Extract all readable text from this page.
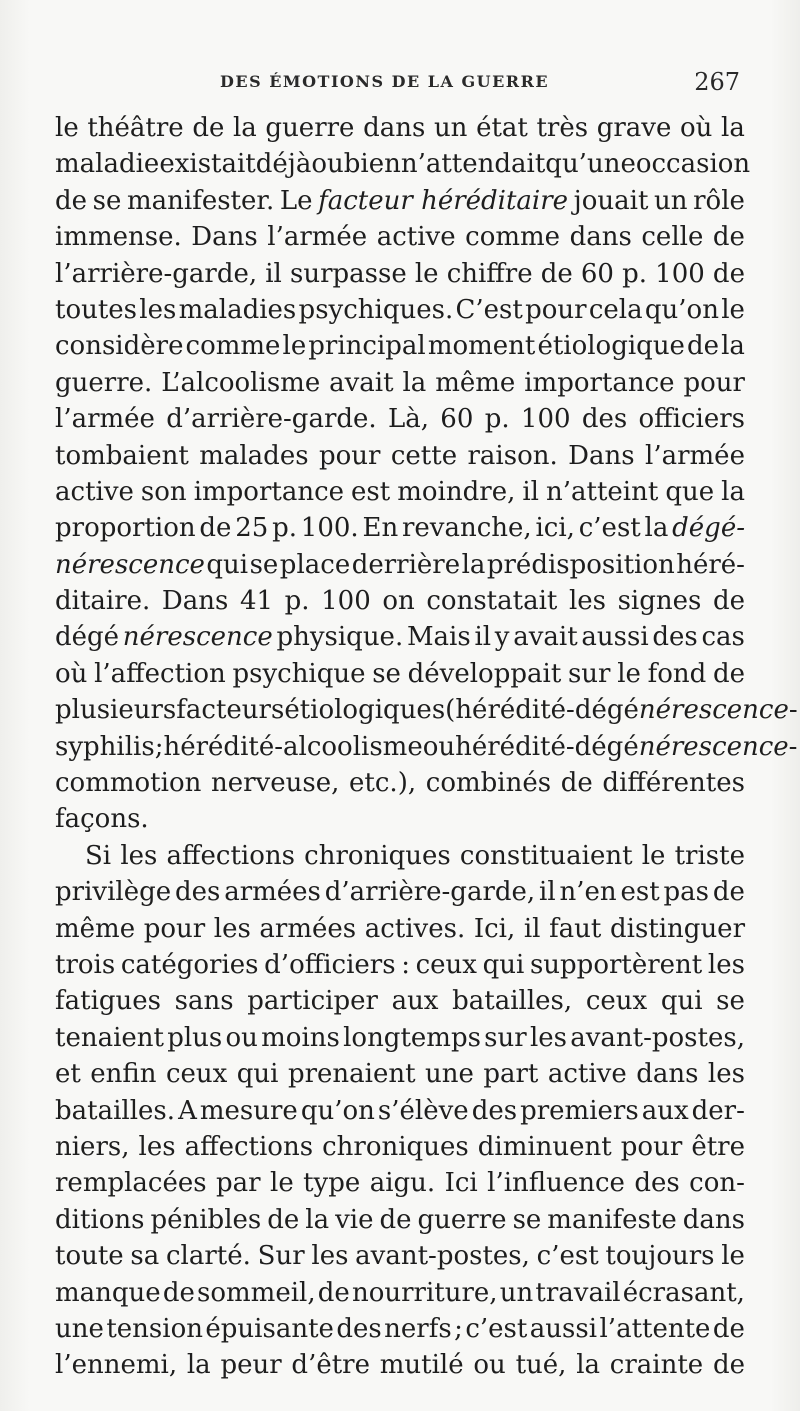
DES ÉMOTIONS DE LA GUERRE	267
le théâtre de la guerre dans un état très grave où la
maladie existait déjà ou bien n’attendait qu’une occasion
de se manifester. Le facteur héréditaire jouait un rôle
immense. Dans l’armée active comme dans celle de
l’arrière-garde, il surpasse le chiffre de 60 p. 100 de
toutes les maladies psychiques. C’est pour cela qu’on le
considère comme le principal moment étiologique de la
guerre. L’alcoolisme avait la même importance pour
l’armée d’arrière-garde. Là, 60 p. 100 des officiers
tombaient malades pour cette raison. Dans l’armée
active son importance est moindre, il n’atteint que la
proportion de 25 p. 100. En revanche, ici, c’est la dégé-
nérescence qui se place derrière la prédisposition héré-
ditaire. Dans 41 p. 100 on constatait les signes de
dégé nérescence physique. Mais il y avait aussi des cas
où l’affection psychique se développait sur le fond de
plusieurs facteurs étiologiques (hérédité-dégé nérescence -
syphilis ; hérédité-alcoolisme ou hérédité-dégé nérescence -
commotion nerveuse, etc.), combinés de différentes
façons.
Si les affections chroniques constituaient le triste
privilège des armées d’arrière-garde, il n’en est pas de
même pour les armées actives. Ici, il faut distinguer
trois catégories d’officiers : ceux qui supportèrent les
fatigues sans participer aux batailles, ceux qui se
tenaient plus ou moins longtemps sur les avant-postes,
et enfin ceux qui prenaient une part active dans les
batailles. A mesure qu’on s’élève des premiers aux der-
niers, les affections chroniques diminuent pour être
remplacées par le type aigu. Ici l’influence des con-
ditions pénibles de la vie de guerre se manifeste dans
toute sa clarté. Sur les avant-postes, c’est toujours le
manque de sommeil, de nourriture, un travail écrasant,
une tension épuisante des nerfs ; c’est aussi l’attente de
l’ennemi, la peur d’être mutilé ou tué, la crainte de
